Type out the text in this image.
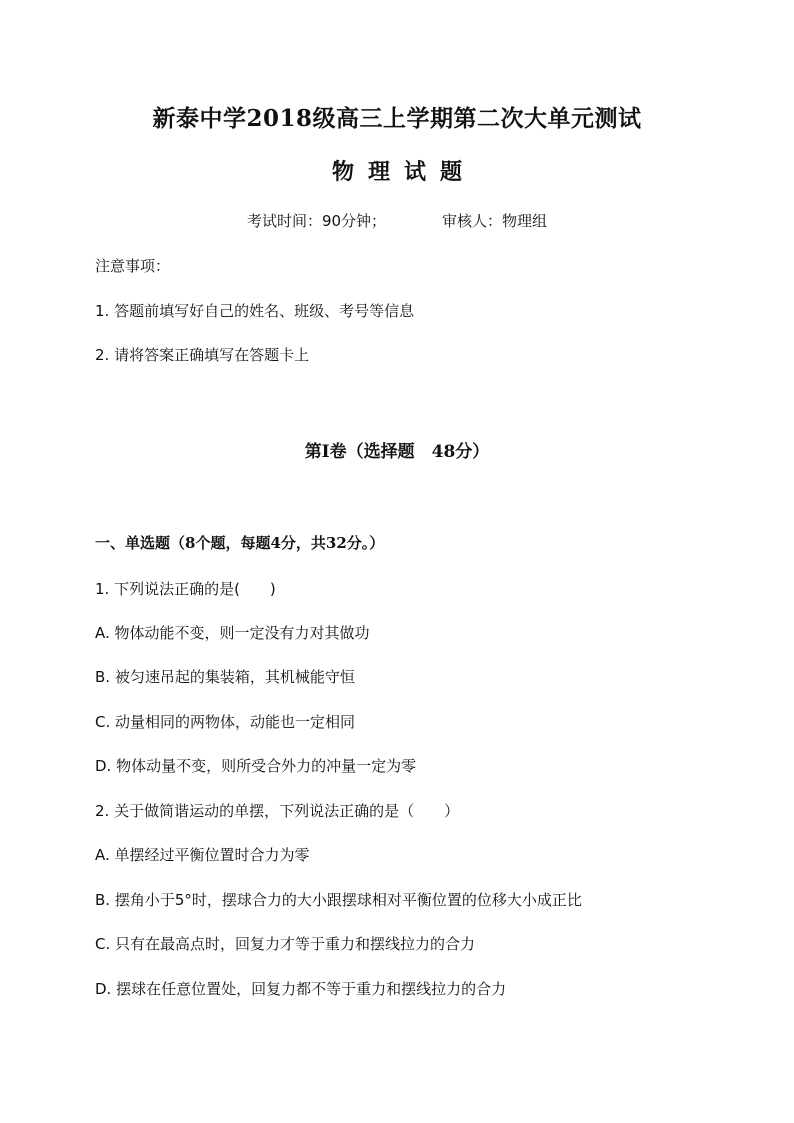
新泰中学2018级高三上学期第二次大单元测试
物理试题
考试时间：90分钟；	审核人：物理组
注意事项：
1. 答题前填写好自己的姓名、班级、考号等信息
2. 请将答案正确填写在答题卡上
第Ⅰ卷（选择题　48分）
一、单选题（8个题，每题4分，共32分。）
1. 下列说法正确的是(　　)
A. 物体动能不变，则一定没有力对其做功
B. 被匀速吊起的集装箱，其机械能守恒
C. 动量相同的两物体，动能也一定相同
D. 物体动量不变，则所受合外力的冲量一定为零
2. 关于做简谐运动的单摆，下列说法正确的是（　　）
A. 单摆经过平衡位置时合力为零
B. 摆角小于5°时，摆球合力的大小跟摆球相对平衡位置的位移大小成正比
C. 只有在最高点时，回复力才等于重力和摆线拉力的合力
D. 摆球在任意位置处，回复力都不等于重力和摆线拉力的合力
